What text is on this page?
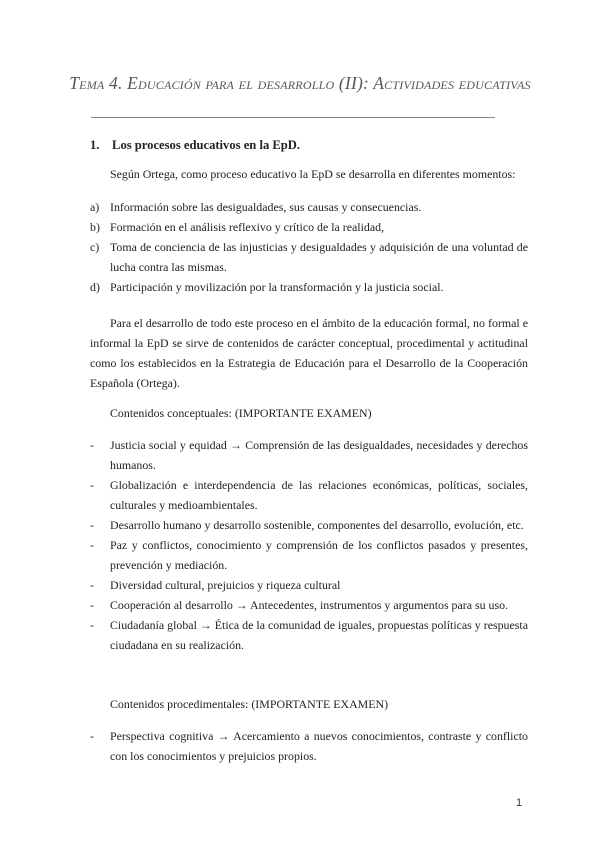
Tema 4. Educación para el desarrollo (II): Actividades educativas
1. Los procesos educativos en la EpD.
Según Ortega, como proceso educativo la EpD se desarrolla en diferentes momentos:
a) Información sobre las desigualdades, sus causas y consecuencias.
b) Formación en el análisis reflexivo y crítico de la realidad,
c) Toma de conciencia de las injusticias y desigualdades y adquisición de una voluntad de lucha contra las mismas.
d) Participación y movilización por la transformación y la justicia social.
Para el desarrollo de todo este proceso en el ámbito de la educación formal, no formal e informal la EpD se sirve de contenidos de carácter conceptual, procedimental y actitudinal como los establecidos en la Estrategia de Educación para el Desarrollo de la Cooperación Española (Ortega).
Contenidos conceptuales: (IMPORTANTE EXAMEN)
- Justicia social y equidad → Comprensión de las desigualdades, necesidades y derechos humanos.
- Globalización e interdependencia de las relaciones económicas, políticas, sociales, culturales y medioambientales.
- Desarrollo humano y desarrollo sostenible, componentes del desarrollo, evolución, etc.
- Paz y conflictos, conocimiento y comprensión de los conflictos pasados y presentes, prevención y mediación.
- Diversidad cultural, prejuicios y riqueza cultural
- Cooperación al desarrollo → Antecedentes, instrumentos y argumentos para su uso.
- Ciudadanía global → Ética de la comunidad de iguales, propuestas políticas y respuesta ciudadana en su realización.
Contenidos procedimentales: (IMPORTANTE EXAMEN)
- Perspectiva cognitiva → Acercamiento a nuevos conocimientos, contraste y conflicto con los conocimientos y prejuicios propios.
1
